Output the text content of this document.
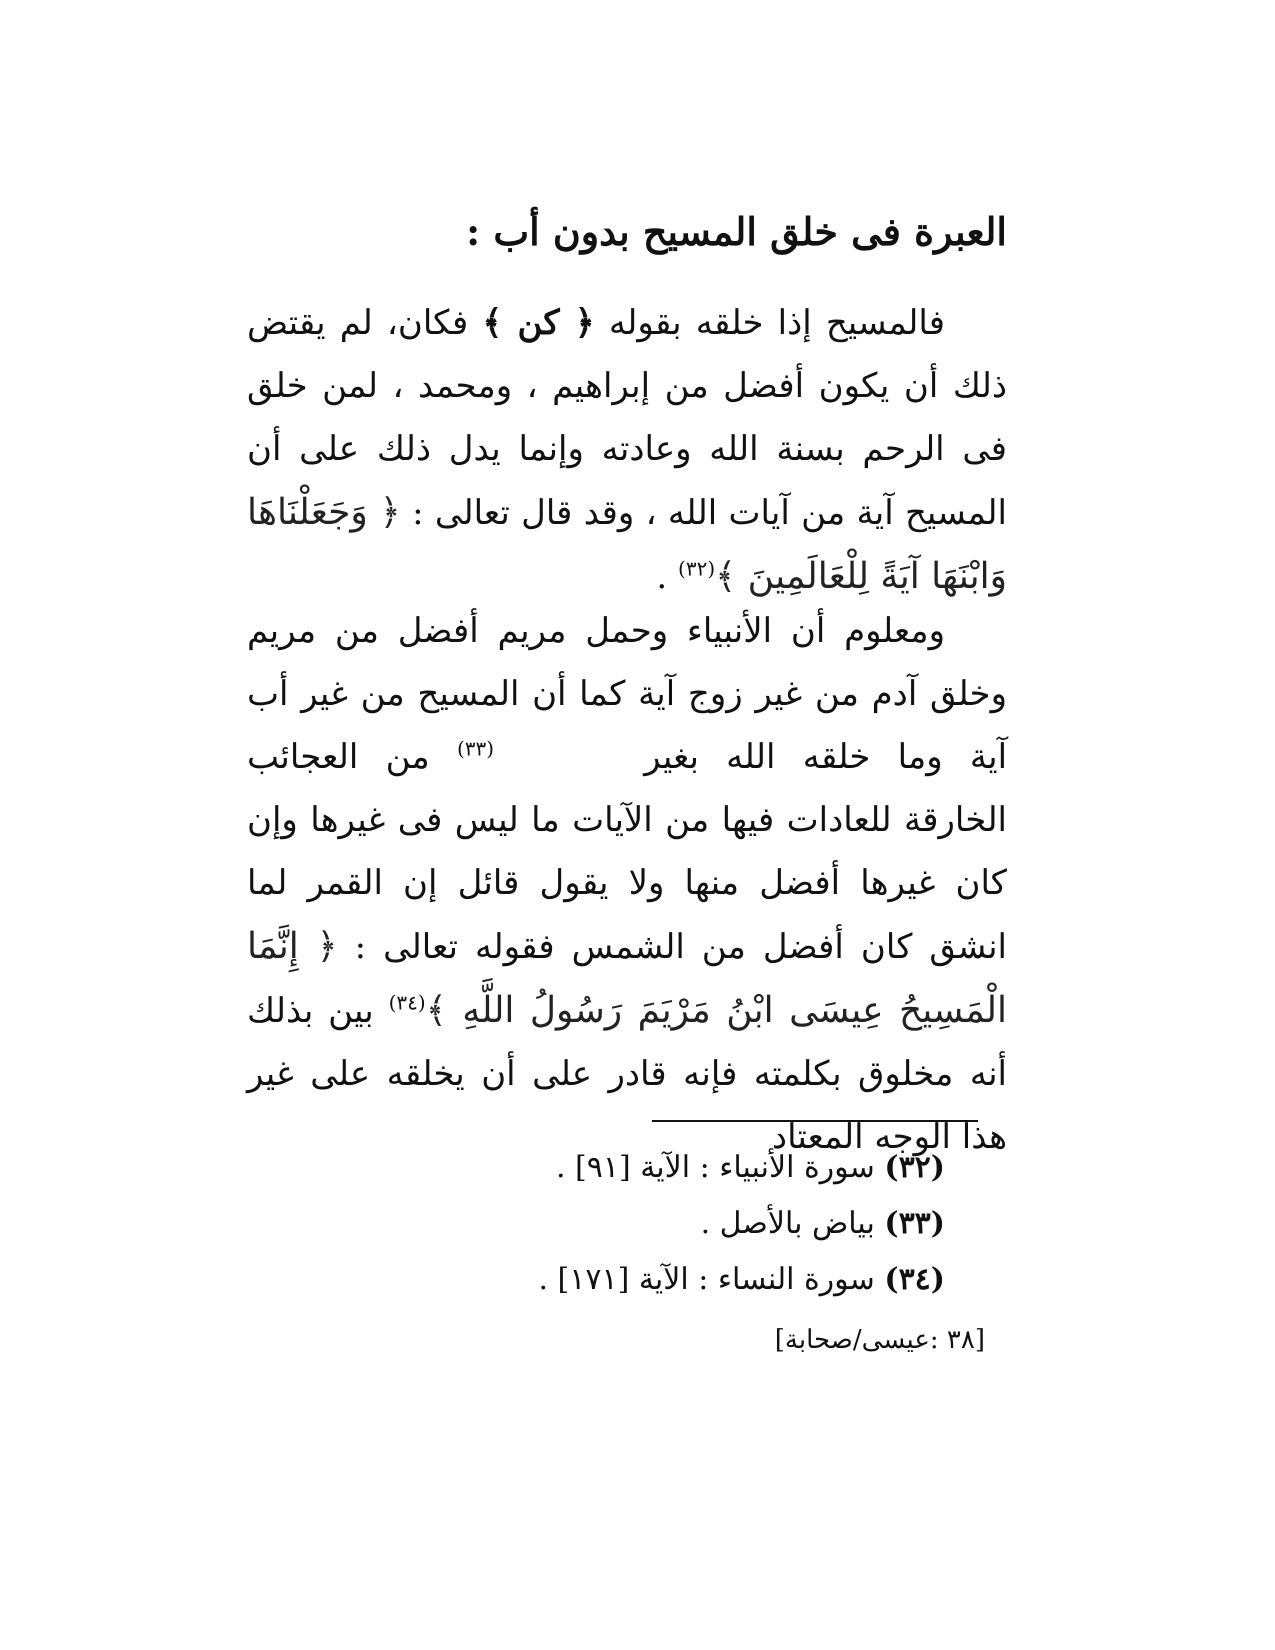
العبرة فى خلق المسيح بدون أب :
فالمسيح إذا خلقه بقوله ﴿ كن ﴾ فكان، لم يقتض ذلك أن يكون أفضل من إبراهيم ، ومحمد ، لمن خلق فى الرحم بسنة الله وعادته وإنما يدل ذلك على أن المسيح آية من آيات الله ، وقد قال تعالى : ﴿ وَجَعَلْنَاهَا وَابْنَهَا آيَةً لِلْعَالَمِينَ ﴾$^{(٣٢)}$ .
ومعلوم أن الأنبياء وحمل مريم أفضل من مريم وخلق آدم من غير زوج آية كما أن المسيح من غير أب آية وما خلقه الله بغير$^{(٣٣)}$ من العجائب الخارقة للعادات فيها من الآيات ما ليس فى غيرها وإن كان غيرها أفضل منها ولا يقول قائل إن القمر لما انشق كان أفضل من الشمس فقوله تعالى : ﴿ إِنَّمَا الْمَسِيحُ عِيسَى ابْنُ مَرْيَمَ رَسُولُ اللَّهِ ﴾$^{(٣٤)}$ بين بذلك أنه مخلوق بكلمته فإنه قادر على أن يخلقه على غير هذا الوجه المعتاد
(٣٢) سورة الأنبياء : الآية [٩١] .
(٣٣) بياض بالأصل .
(٣٤) سورة النساء : الآية [١٧١] .
[٣٨ :عيسى/صحابة]
